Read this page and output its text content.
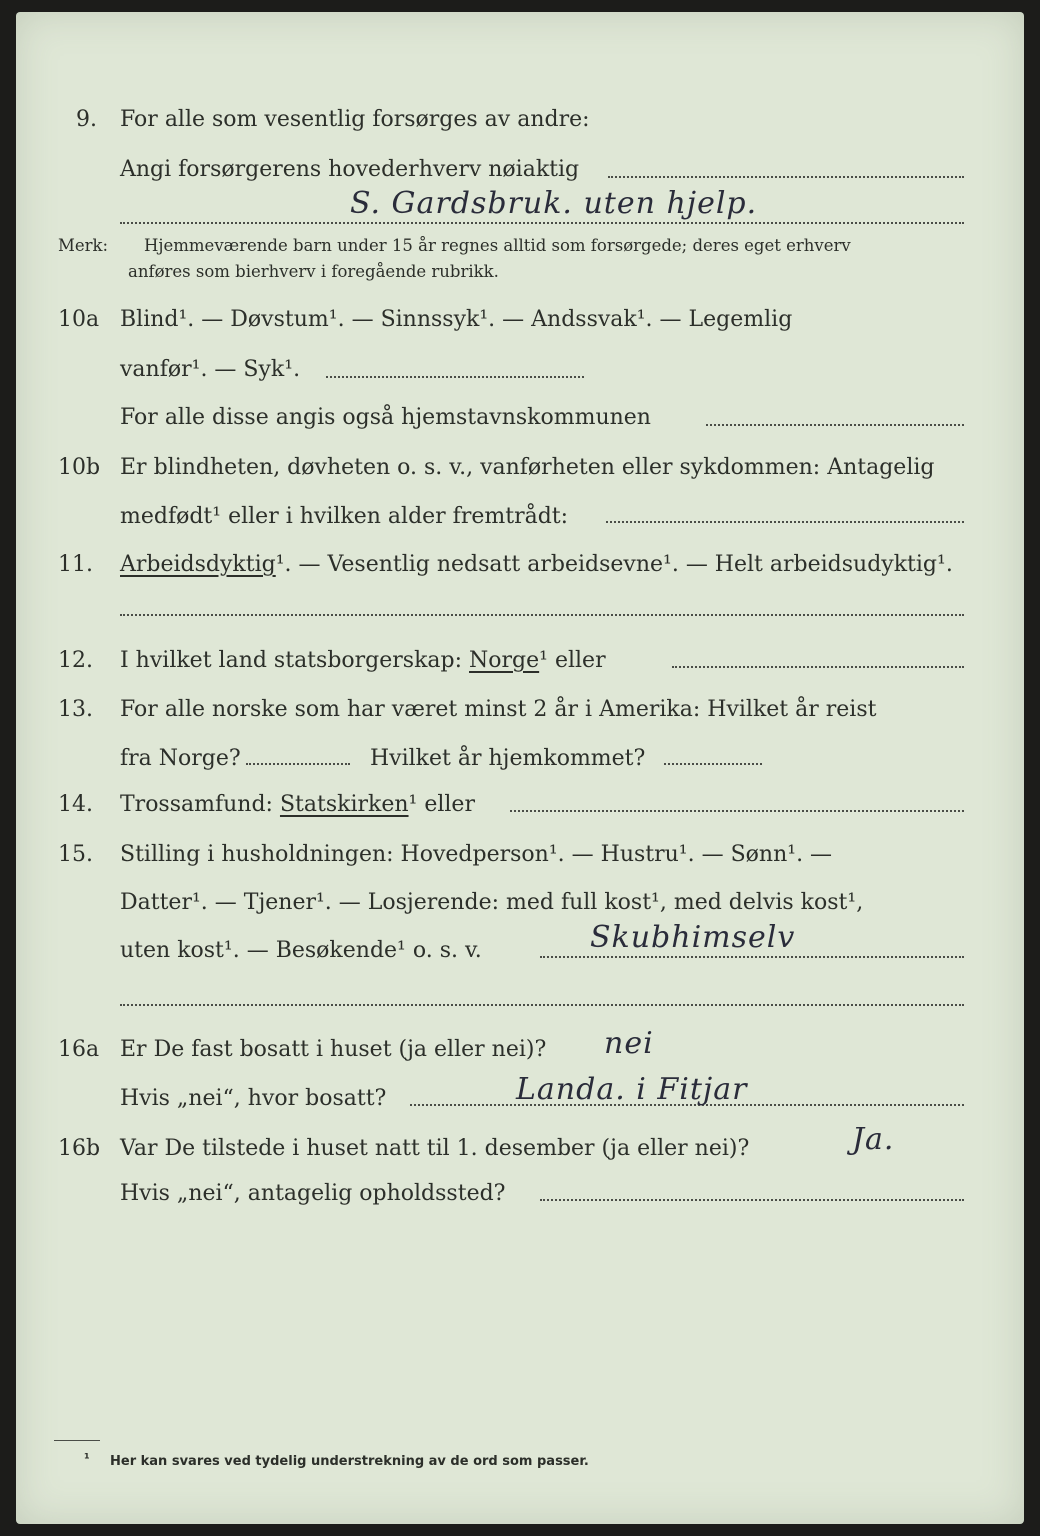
9. For alle som vesentlig forsørges av andre:
Angi forsørgerens hovederhverv nøiaktig
S. Gardsbruk. uten hjelp.
Merk: Hjemmeværende barn under 15 år regnes alltid som forsørgede; deres eget erhverv
anføres som bierhverv i foregående rubrikk.
10a Blind¹. — Døvstum¹. — Sinnssyk¹. — Andssvak¹. — Legemlig
vanfør¹. — Syk¹.
For alle disse angis også hjemstavnskommunen
10b Er blindheten, døvheten o. s. v., vanførheten eller sykdommen: Antagelig
medfødt¹ eller i hvilken alder fremtrådt:
11. Arbeidsdyktig¹. — Vesentlig nedsatt arbeidsevne¹. — Helt arbeidsudyktig¹.
12. I hvilket land statsborgerskap: Norge¹ eller
13. For alle norske som har været minst 2 år i Amerika: Hvilket år reist
fra Norge?	Hvilket år hjemkommet?
14. Trossamfund: Statskirken¹ eller
15. Stilling i husholdningen: Hovedperson¹. — Hustru¹. — Sønn¹. —
Datter¹. — Tjener¹. — Losjerende: med full kost¹, med delvis kost¹,
uten kost¹. — Besøkende¹ o. s. v.	Skubhimselv
16a Er De fast bosatt i huset (ja eller nei)? nei
Hvis „nei“, hvor bosatt?	Landa. i Fitjar
16b Var De tilstede i huset natt til 1. desember (ja eller nei)?	Ja.
Hvis „nei“, antagelig opholdssted?
¹ Her kan svares ved tydelig understrekning av de ord som passer.
